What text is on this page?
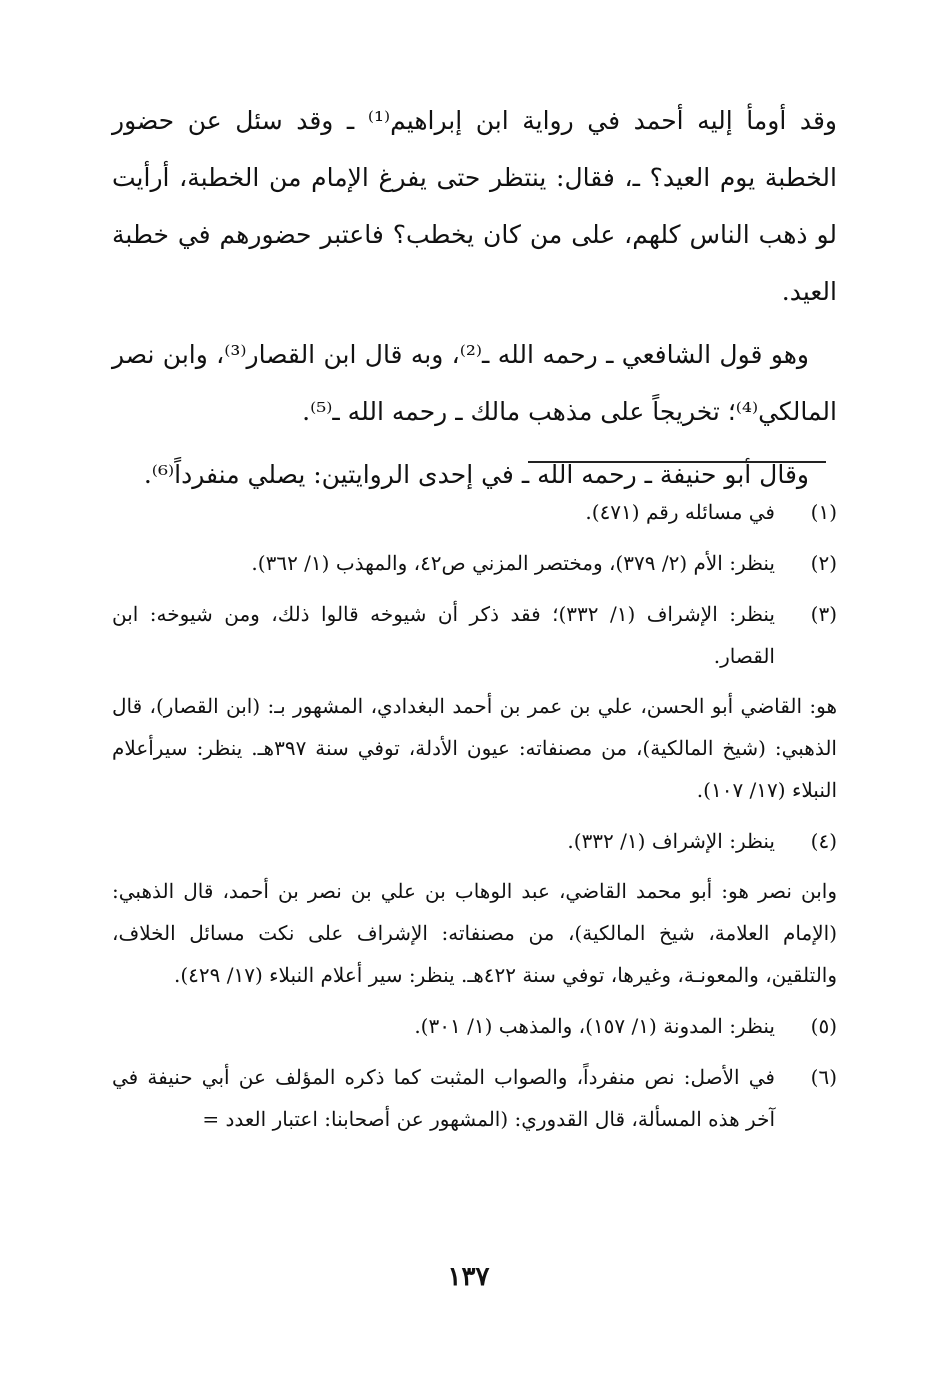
وقد أومأ إليه أحمد في رواية ابن إبراهيم⁽¹⁾ ـ وقد سئل عن حضور الخطبة يوم العيد؟ ـ، فقال: ينتظر حتى يفرغ الإمام من الخطبة، أرأيت لو ذهب الناس كلهم، على من كان يخطب؟ فاعتبر حضورهم في خطبة العيد.

وهو قول الشافعي ـ رحمه الله ـ⁽²⁾، وبه قال ابن القصار⁽³⁾، وابن نصر المالكي⁽⁴⁾؛ تخريجاً على مذهب مالك ـ رحمه الله ـ⁽⁵⁾.

وقال أبو حنيفة ـ رحمه الله ـ في إحدى الروايتين: يصلي منفرداً⁽⁶⁾.

(١)
في مسائله رقم (٤٧١).
(٢)
ينظر: الأم (٢/ ٣٧٩)، ومختصر المزني ص٤٢، والمهذب (١/ ٣٦٢).
(٣)
ينظر: الإشراف (١/ ٣٣٢)؛ فقد ذكر أن شيوخه قالوا ذلك، ومن شيوخه: ابن القصار.
هو: القاضي أبو الحسن، علي بن عمر بن أحمد البغدادي، المشهور بـ: (ابن القصار)، قال الذهبي: (شيخ المالكية)، من مصنفاته: عيون الأدلة، توفي سنة ٣٩٧هـ. ينظر: سيرأعلام النبلاء (١٧/ ١٠٧).
(٤)
ينظر: الإشراف (١/ ٣٣٢).
وابن نصر هو: أبو محمد القاضي، عبد الوهاب بن علي بن نصر بن أحمد، قال الذهبي: (الإمام العلامة، شيخ المالكية)، من مصنفاته: الإشراف على نكت مسائل الخلاف، والتلقين، والمعونـة، وغيرها، توفي سنة ٤٢٢هـ. ينظر: سير أعلام النبلاء (١٧/ ٤٢٩).
(٥)
ينظر: المدونة (١/ ١٥٧)، والمذهب (١/ ٣٠١).
(٦)
في الأصل: نص منفرداً، والصواب المثبت كما ذكره المؤلف عن أبي حنيفة في آخر هذه المسألة، قال القدوري: (المشهور عن أصحابنا: اعتبار العدد =
١٣٧
